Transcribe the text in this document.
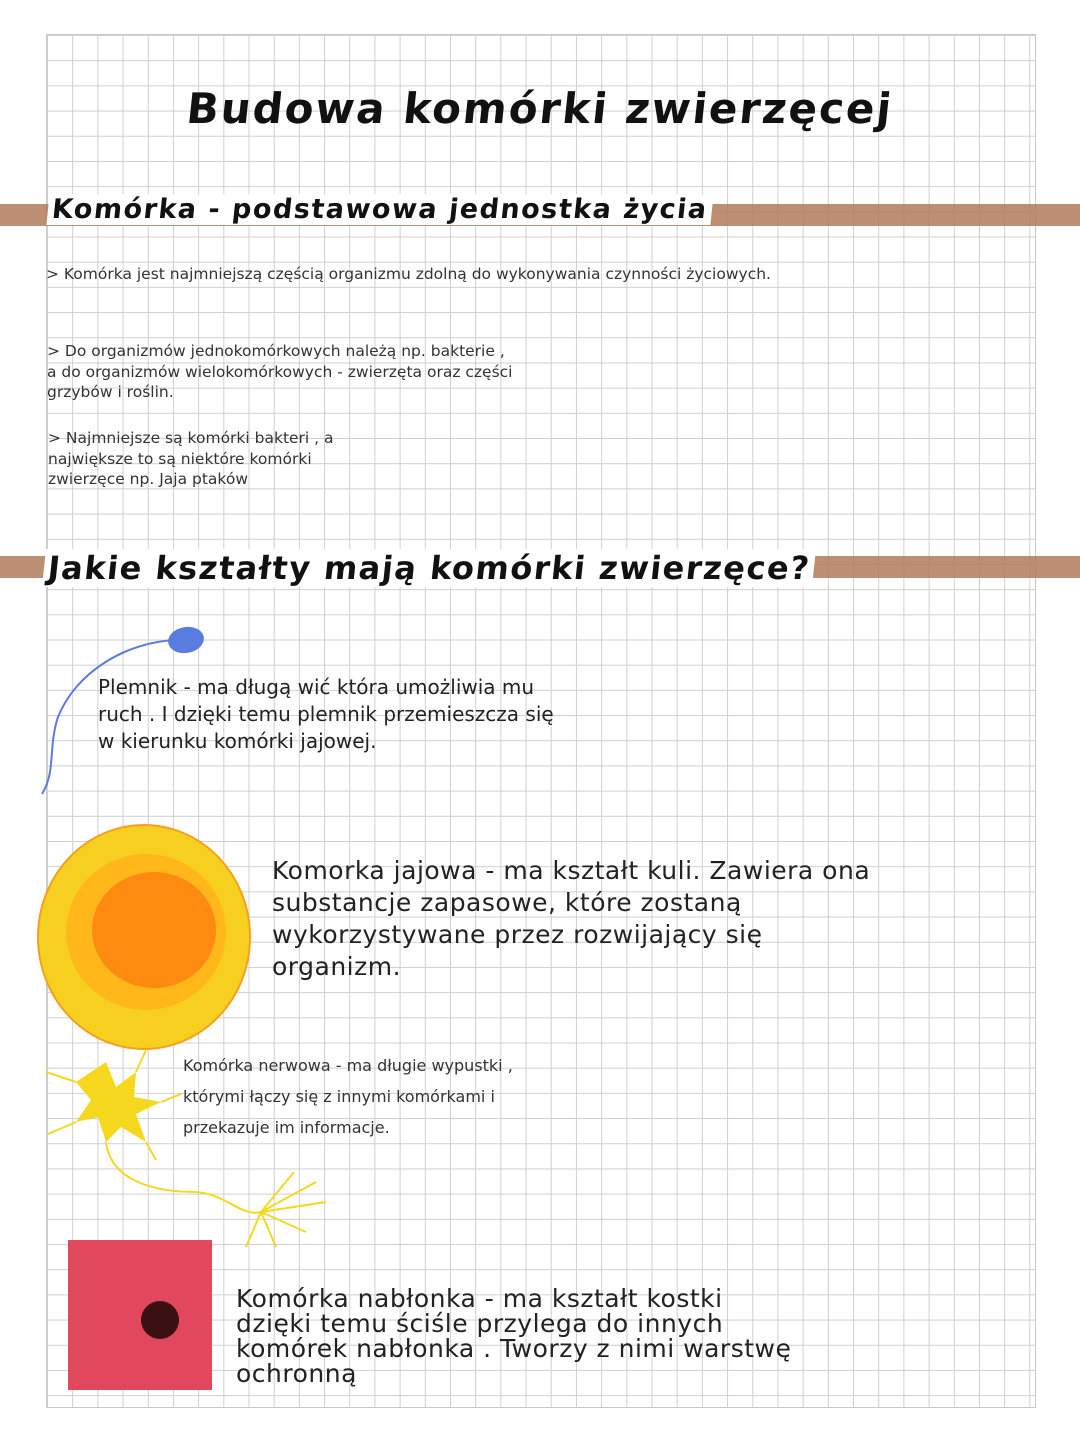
Budowa komórki zwierzęcej
Komórka - podstawowa jednostka życia

> Komórka jest najmniejszą częścią organizmu zdolną do wykonywania czynności życiowych.

> Do organizmów jednokomórkowych należą np. bakterie , a do organizmów wielokomórkowych - zwierzęta oraz części grzybów i roślin.

> Najmniejsze są komórki bakteri , a największe to są niektóre komórki zwierzęce np. Jaja ptaków

Jakie kształty mają komórki zwierzęce?

Plemnik - ma długą wić która umożliwia mu ruch . I dzięki temu plemnik przemieszcza się w kierunku komórki jajowej.

Komorka jajowa - ma kształt kuli. Zawiera ona substancje zapasowe, które zostaną wykorzystywane przez rozwijający się organizm.

Komórka nerwowa - ma długie wypustki , którymi łączy się z innymi komórkami i przekazuje im informacje.

Komórka nabłonka - ma kształt kostki dzięki temu ściśle przylega do innych komórek nabłonka . Tworzy z nimi warstwę ochronną
